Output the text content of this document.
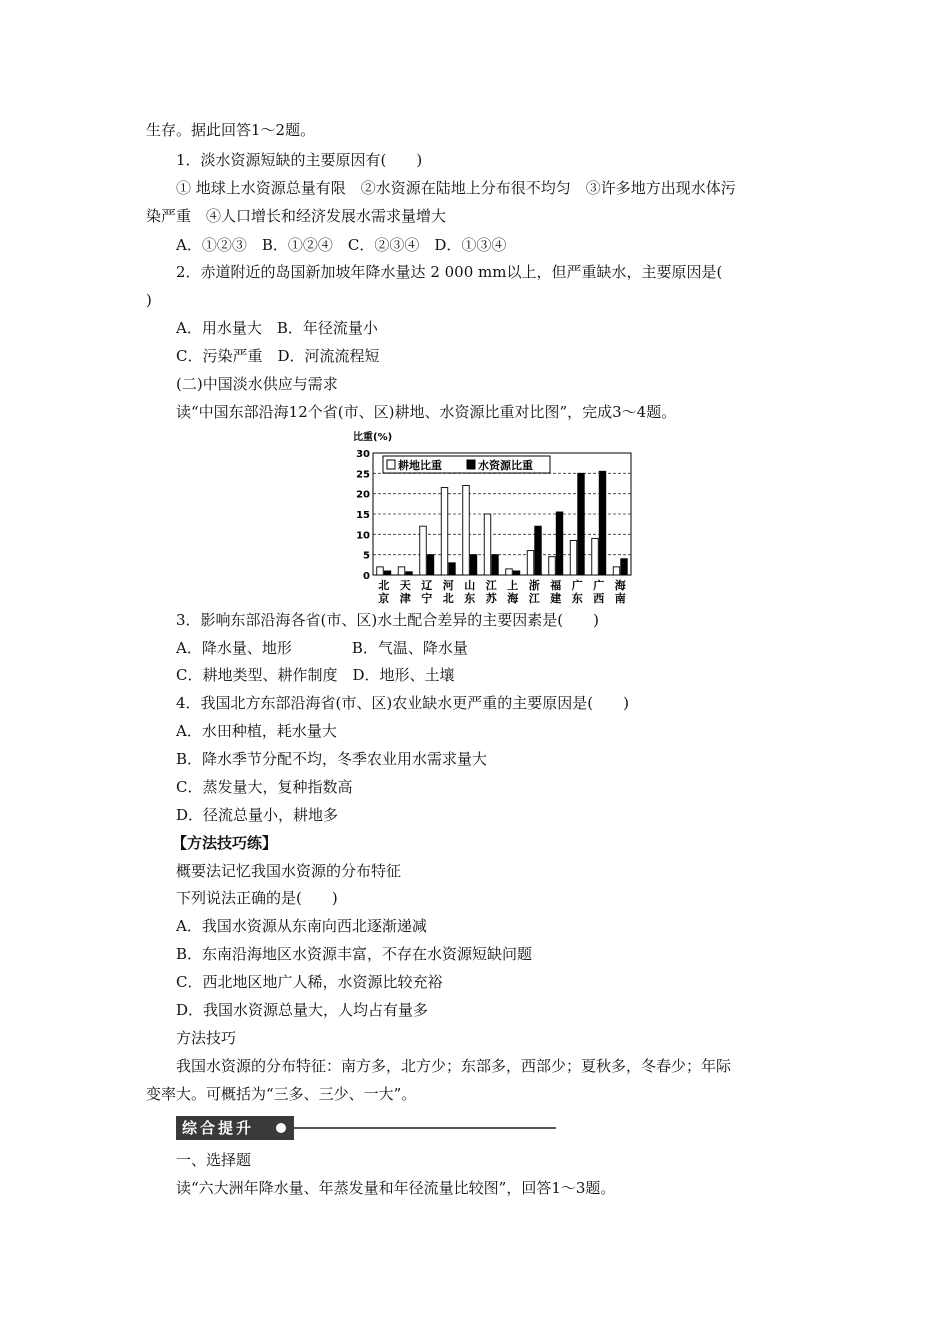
生存。据此回答1～2题。
1．淡水资源短缺的主要原因有(　　)
① 地球上水资源总量有限　②水资源在陆地上分布很不均匀　③许多地方出现水体污
染严重　④人口增长和经济发展水需求量增大
A．①②③　B．①②④　C．②③④　D．①③④
2．赤道附近的岛国新加坡年降水量达 2 000 mm以上，但严重缺水，主要原因是(
)
A．用水量大　B．年径流量小
C．污染严重　D．河流流程短
(二)中国淡水供应与需求
读“中国东部沿海12个省(市、区)耕地、水资源比重对比图”，完成3～4题。
3．影响东部沿海各省(市、区)水土配合差异的主要因素是(　　)
A．降水量、地形　　　　B．气温、降水量
C．耕地类型、耕作制度　D．地形、土壤
4．我国北方东部沿海省(市、区)农业缺水更严重的主要原因是(　　)
A．水田种植，耗水量大
B．降水季节分配不均，冬季农业用水需求量大
C．蒸发量大，复种指数高
D．径流总量小，耕地多
【方法技巧练】
概要法记忆我国水资源的分布特征
下列说法正确的是(　　)
A．我国水资源从东南向西北逐渐递减
B．东南沿海地区水资源丰富，不存在水资源短缺问题
C．西北地区地广人稀，水资源比较充裕
D．我国水资源总量大，人均占有量多
方法技巧
我国水资源的分布特征：南方多，北方少；东部多，西部少；夏秋多，冬春少；年际
变率大。可概括为“三多、三少、一大”。
一、选择题
读“六大洲年降水量、年蒸发量和年径流量比较图”，回答1～3题。
综合提升
比重(%)
0
5
10
15
20
25
30
北
京
天
津
辽
宁
河
北
山
东
江
苏
上
海
浙
江
福
建
广
东
广
西
海
南
耕地比重	水资源比重
